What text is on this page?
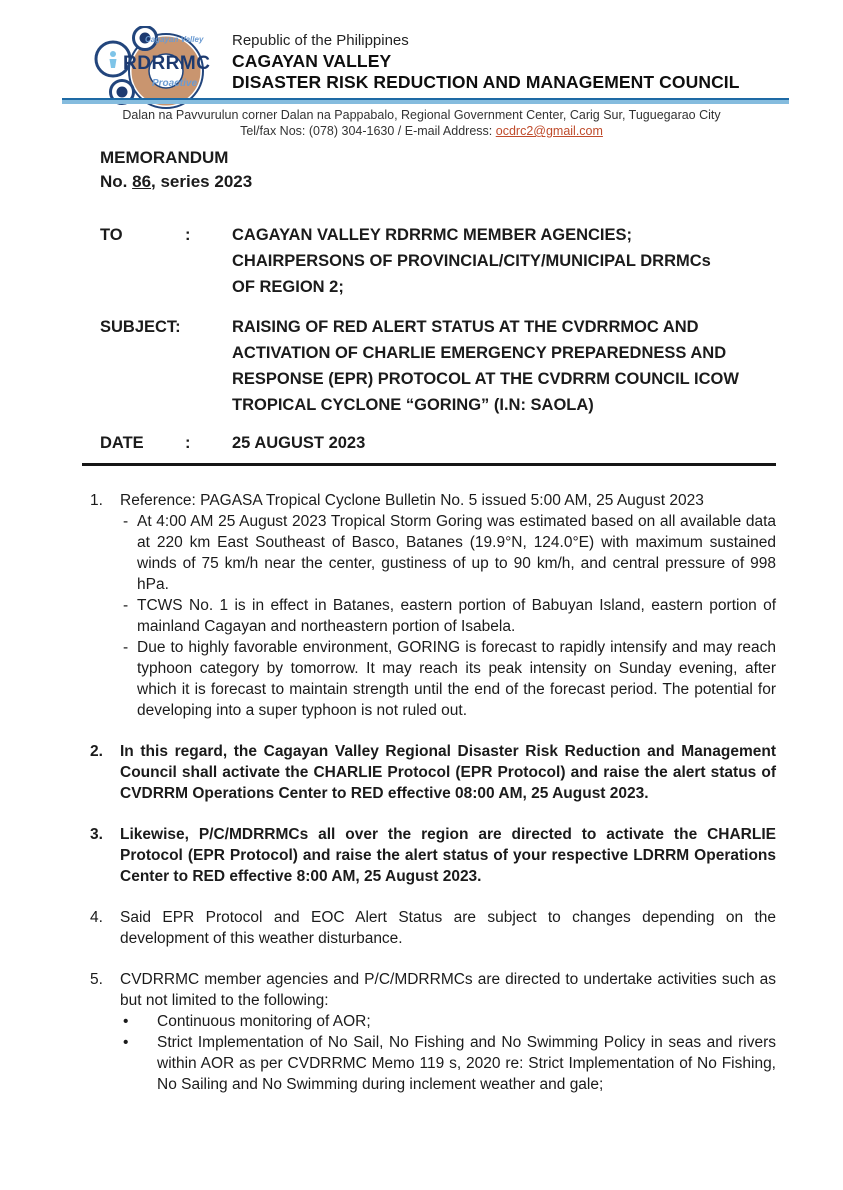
Cagayan Valley
RDRRMC
Proactive
Republic of the Philippines
CAGAYAN VALLEY
DISASTER RISK REDUCTION AND MANAGEMENT COUNCIL
Dalan na Pavvurulun corner Dalan na Pappabalo, Regional Government Center, Carig Sur, Tuguegarao City
Tel/fax Nos: (078) 304-1630 / E-mail Address: ocdrc2@gmail.com
MEMORANDUM
No. 86, series 2023
TO	:	CAGAYAN VALLEY RDRRMC MEMBER AGENCIES;
CHAIRPERSONS OF PROVINCIAL/CITY/MUNICIPAL DRRMCs
OF REGION 2;
SUBJECT:	RAISING OF RED ALERT STATUS AT THE CVDRRMOC AND
ACTIVATION OF CHARLIE EMERGENCY PREPAREDNESS AND
RESPONSE (EPR) PROTOCOL AT THE CVDRRM COUNCIL ICOW
TROPICAL CYCLONE “GORING” (I.N: SAOLA)
DATE	:	25 AUGUST 2023
1.	Reference: PAGASA Tropical Cyclone Bulletin No. 5 issued 5:00 AM, 25 August 2023

- At 4:00 AM 25 August 2023 Tropical Storm Goring was estimated based on all available data at 220 km East Southeast of Basco, Batanes (19.9°N, 124.0°E) with maximum sustained winds of 75 km/h near the center, gustiness of up to 90 km/h, and central pressure of 998 hPa.

- TCWS No. 1 is in effect in Batanes, eastern portion of Babuyan Island, eastern portion of mainland Cagayan and northeastern portion of Isabela.

- Due to highly favorable environment, GORING is forecast to rapidly intensify and may reach typhoon category by tomorrow. It may reach its peak intensity on Sunday evening, after which it is forecast to maintain strength until the end of the forecast period. The potential for developing into a super typhoon is not ruled out.

2.	In this regard, the Cagayan Valley Regional Disaster Risk Reduction and Management Council shall activate the CHARLIE Protocol (EPR Protocol) and raise the alert status of CVDRRM Operations Center to RED effective 08:00 AM, 25 August 2023.

3.	Likewise, P/C/MDRRMCs all over the region are directed to activate the CHARLIE Protocol (EPR Protocol) and raise the alert status of your respective LDRRM Operations Center to RED effective 8:00 AM, 25 August 2023.

4.	Said EPR Protocol and EOC Alert Status are subject to changes depending on the development of this weather disturbance.

5.	CVDRRMC member agencies and P/C/MDRRMCs are directed to undertake activities such as but not limited to the following:

•	Continuous monitoring of AOR;

•	Strict Implementation of No Sail, No Fishing and No Swimming Policy in seas and rivers within AOR as per CVDRRMC Memo 119 s, 2020 re: Strict Implementation of No Fishing, No Sailing and No Swimming during inclement weather and gale;
